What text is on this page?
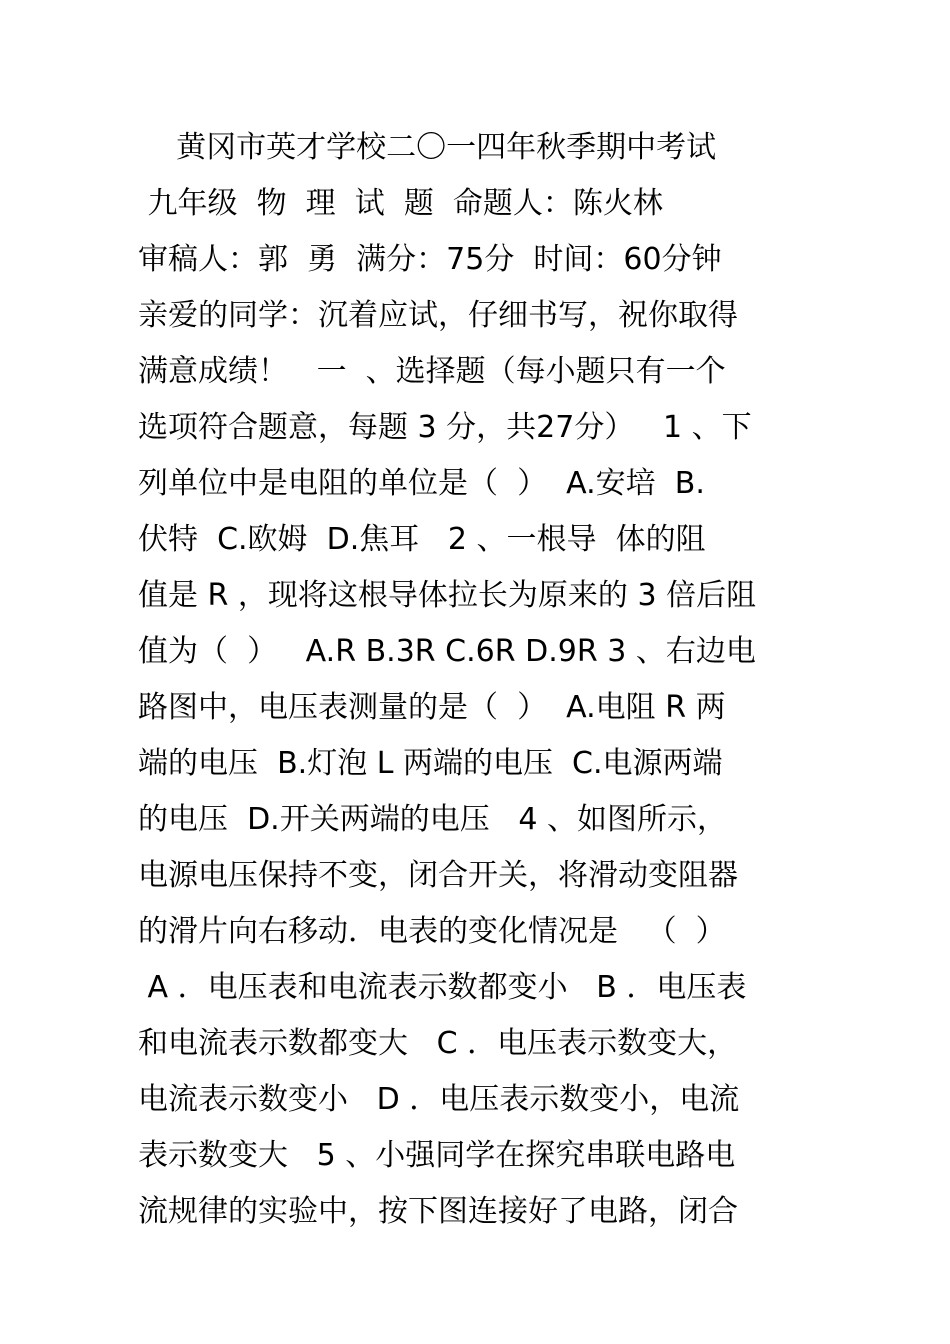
黄冈市英才学校二〇一四年秋季期中考试
九年级  物  理  试  题  命题人：陈火林
审稿人：郭  勇  满分：75分  时间：60分钟
亲爱的同学：沉着应试，仔细书写，祝你取得
满意成绩！   一  、选择题（每小题只有一个
选项符合题意，每题 3 分，共27分）   1 、下
列单位中是电阻的单位是（  ）  A.安培  B.
伏特  C.欧姆  D.焦耳   2 、一根导  体的阻
值是 R ，现将这根导体拉长为原来的 3 倍后阻
值为（  ）   A.R B.3R C.6R D.9R 3 、右边电
路图中，电压表测量的是（  ）  A.电阻 R 两
端的电压  B.灯泡 L 两端的电压  C.电源两端
的电压  D.开关两端的电压   4 、如图所示，
电源电压保持不变，闭合开关，将滑动变阻器
的滑片向右移动．电表的变化情况是   （  ）
A ．电压表和电流表示数都变小   B ．电压表
和电流表示数都变大   C ．电压表示数变大，
电流表示数变小   D ．电压表示数变小，电流
表示数变大   5 、小强同学在探究串联电路电
流规律的实验中，按下图连接好了电路，闭合
